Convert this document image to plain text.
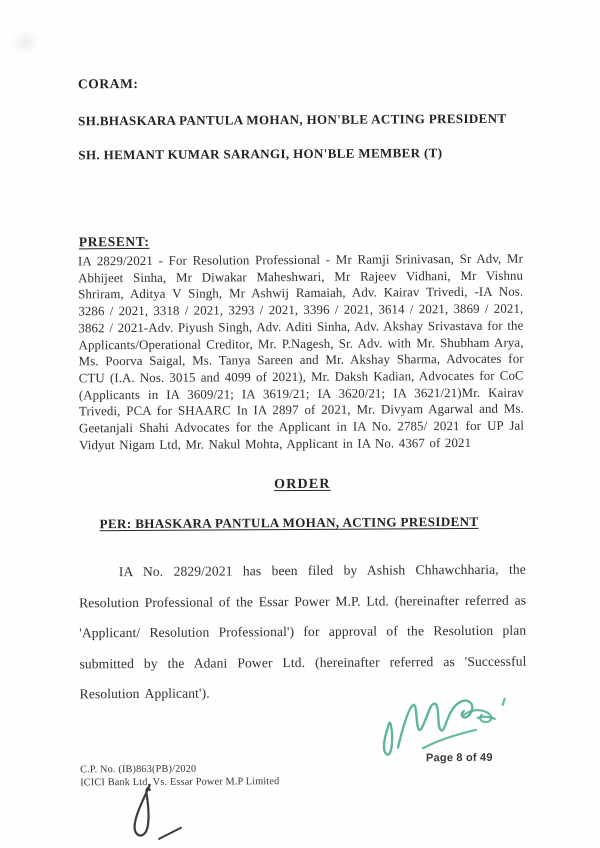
CORAM:
SH.BHASKARA PANTULA MOHAN, HON'BLE ACTING PRESIDENT
SH. HEMANT KUMAR SARANGI, HON'BLE MEMBER (T)
PRESENT:
IA 2829/2021 - For Resolution Professional - Mr Ramji Srinivasan, Sr Adv, Mr Abhijeet Sinha, Mr Diwakar Maheshwari, Mr Rajeev Vidhani, Mr Vishnu Shriram, Aditya V Singh, Mr Ashwij Ramaiah, Adv. Kairav Trivedi, -IA Nos. 3286 / 2021, 3318 / 2021, 3293 / 2021, 3396 / 2021, 3614 / 2021, 3869 / 2021, 3862 / 2021-Adv. Piyush Singh, Adv. Aditi Sinha, Adv. Akshay Srivastava for the Applicants/Operational Creditor, Mr. P.Nagesh, Sr. Adv. with Mr. Shubham Arya, Ms. Poorva Saigal, Ms. Tanya Sareen and Mr. Akshay Sharma, Advocates for CTU (I.A. Nos. 3015 and 4099 of 2021), Mr. Daksh Kadian, Advocates for CoC (Applicants in IA 3609/21; IA 3619/21; IA 3620/21; IA 3621/21)Mr. Kairav Trivedi, PCA for SHAARC In IA 2897 of 2021, Mr. Divyam Agarwal and Ms. Geetanjali Shahi Advocates for the Applicant in IA No. 2785/ 2021 for UP Jal Vidyut Nigam Ltd, Mr. Nakul Mohta, Applicant in IA No. 4367 of 2021
ORDER
PER: BHASKARA PANTULA MOHAN, ACTING PRESIDENT
IA No. 2829/2021 has been filed by Ashish Chhawchharia, the Resolution Professional of the Essar Power M.P. Ltd. (hereinafter referred as 'Applicant/ Resolution Professional') for approval of the Resolution plan submitted by the Adani Power Ltd. (hereinafter referred as 'Successful Resolution Applicant').
Page 8 of 49
C.P. No. (IB)863(PB)/2020
ICICI Bank Ltd. Vs. Essar Power M.P Limited
